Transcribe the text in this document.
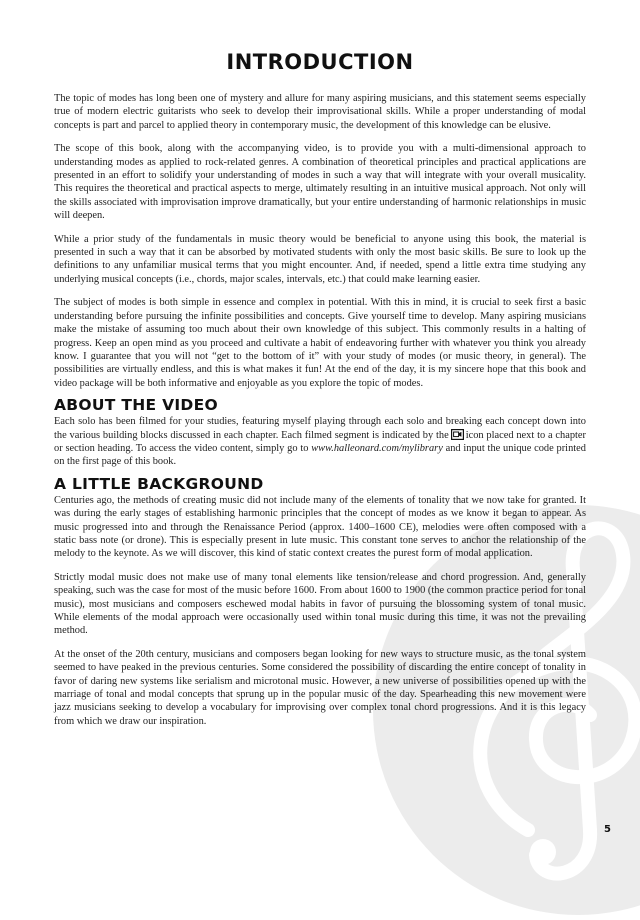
INTRODUCTION

The topic of modes has long been one of mystery and allure for many aspiring musicians, and this statement seems especially true of modern electric guitarists who seek to develop their improvisational skills. While a proper understanding of modal concepts is part and parcel to applied theory in contemporary music, the development of this knowledge can be elusive.

The scope of this book, along with the accompanying video, is to provide you with a multi-dimensional approach to understanding modes as applied to rock-related genres. A combination of theoretical principles and practical applications are presented in an effort to solidify your understanding of modes in such a way that will integrate with your overall musicality. This requires the theoretical and practical aspects to merge, ultimately resulting in an intuitive musical approach. Not only will the skills associated with improvisation improve dramatically, but your entire understanding of harmonic relationships in music will deepen.

While a prior study of the fundamentals in music theory would be beneficial to anyone using this book, the material is presented in such a way that it can be absorbed by motivated students with only the most basic skills. Be sure to look up the definitions to any unfamiliar musical terms that you might encounter. And, if needed, spend a little extra time studying any underlying musical concepts (i.e., chords, major scales, intervals, etc.) that could make learning easier.

The subject of modes is both simple in essence and complex in potential. With this in mind, it is crucial to seek first a basic understanding before pursuing the infinite possibilities and concepts. Give yourself time to develop. Many aspiring musicians make the mistake of assuming too much about their own knowledge of this subject. This commonly results in a halting of progress. Keep an open mind as you proceed and cultivate a habit of endeavoring further with whatever you think you already know. I guarantee that you will not “get to the bottom of it” with your study of modes (or music theory, in general). The possibilities are virtually endless, and this is what makes it fun! At the end of the day, it is my sincere hope that this book and video package will be both informative and enjoyable as you explore the topic of modes.

ABOUT THE VIDEO

Each solo has been filmed for your studies, featuring myself playing through each solo and breaking each concept down into the various building blocks discussed in each chapter. Each filmed segment is indicated by the icon placed next to a chapter or section heading. To access the video content, simply go to www.halleonard.com/mylibrary and input the unique code printed on the first page of this book.

A LITTLE BACKGROUND

Centuries ago, the methods of creating music did not include many of the elements of tonality that we now take for granted. It was during the early stages of establishing harmonic principles that the concept of modes as we know it began to appear. As music progressed into and through the Renaissance Period (approx. 1400–1600 CE), melodies were often composed with a static bass note (or drone). This is especially present in lute music. This constant tone serves to anchor the relationship of the melody to the keynote. As we will discover, this kind of static context creates the purest form of modal application.

Strictly modal music does not make use of many tonal elements like tension/release and chord progression. And, generally speaking, such was the case for most of the music before 1600. From about 1600 to 1900 (the common practice period for tonal music), most musicians and composers eschewed modal habits in favor of pursuing the blossoming system of tonal music. While elements of the modal approach were occasionally used within tonal music during this time, it was not the prevailing method.

At the onset of the 20th century, musicians and composers began looking for new ways to structure music, as the tonal system seemed to have peaked in the previous centuries. Some considered the possibility of discarding the entire concept of tonality in favor of daring new systems like serialism and microtonal music. However, a new universe of possibilities opened up with the marriage of tonal and modal concepts that sprung up in the popular music of the day. Spearheading this new movement were jazz musicians seeking to develop a vocabulary for improvising over complex tonal chord progressions. And it is this legacy from which we draw our inspiration.

5
